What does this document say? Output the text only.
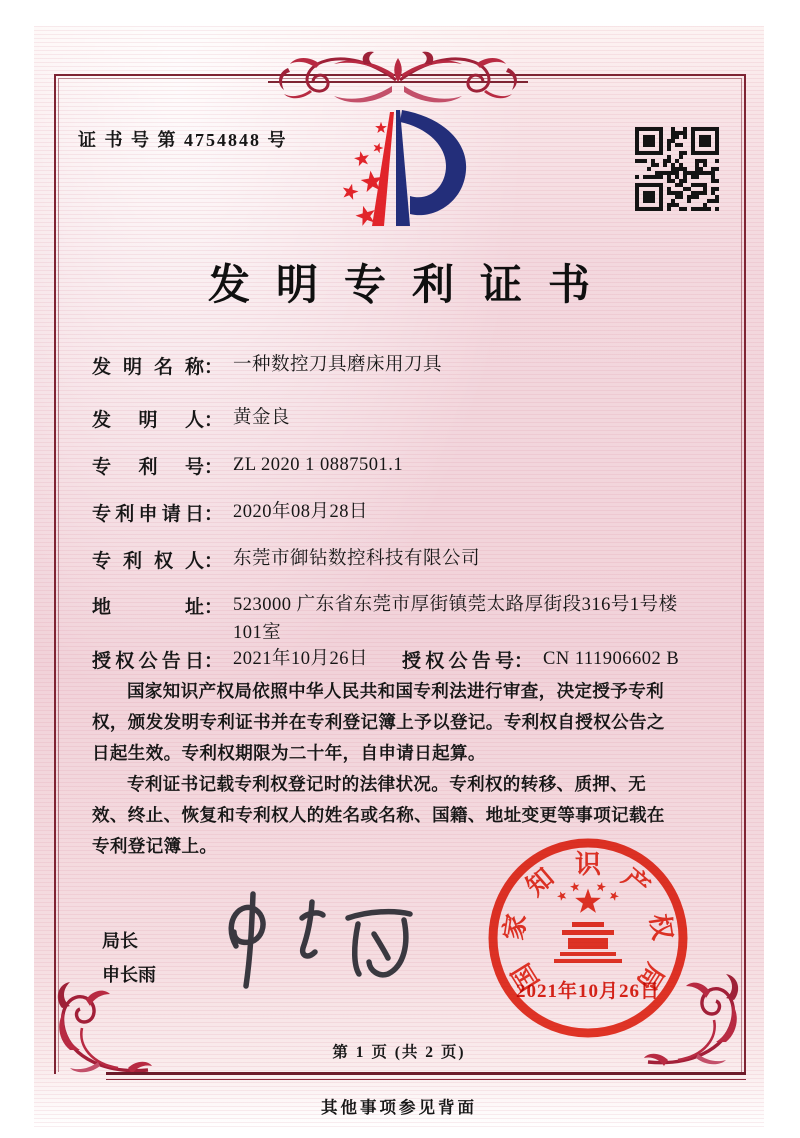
证 书 号 第 4754848 号
发明专利证书
发明名称 ： 一种数控刀具磨床用刀具
发明人 ： 黄金良
专利号 ： ZL 2020 1 0887501.1
专利申请日 ： 2020年08月28日
专利权人 ： 东莞市御钻数控科技有限公司
地址 ： 523000 广东省东莞市厚街镇莞太路厚街段316号1号楼101室
授权公告日 ： 2021年10月26日 授权公告号 ： CN 111906602 B

国家知识产权局依照中华人民共和国专利法进行审查，决定授予专利权，颁发发明专利证书并在专利登记簿上予以登记。专利权自授权公告之日起生效。专利权期限为二十年，自申请日起算。

专利证书记载专利权登记时的法律状况。专利权的转移、质押、无效、终止、恢复和专利权人的姓名或名称、国籍、地址变更等事项记载在专利登记簿上。

局长
申长雨	国
家
知 识 产
权
局
2021年10月26日
第 1 页 (共 2 页)
其他事项参见背面
